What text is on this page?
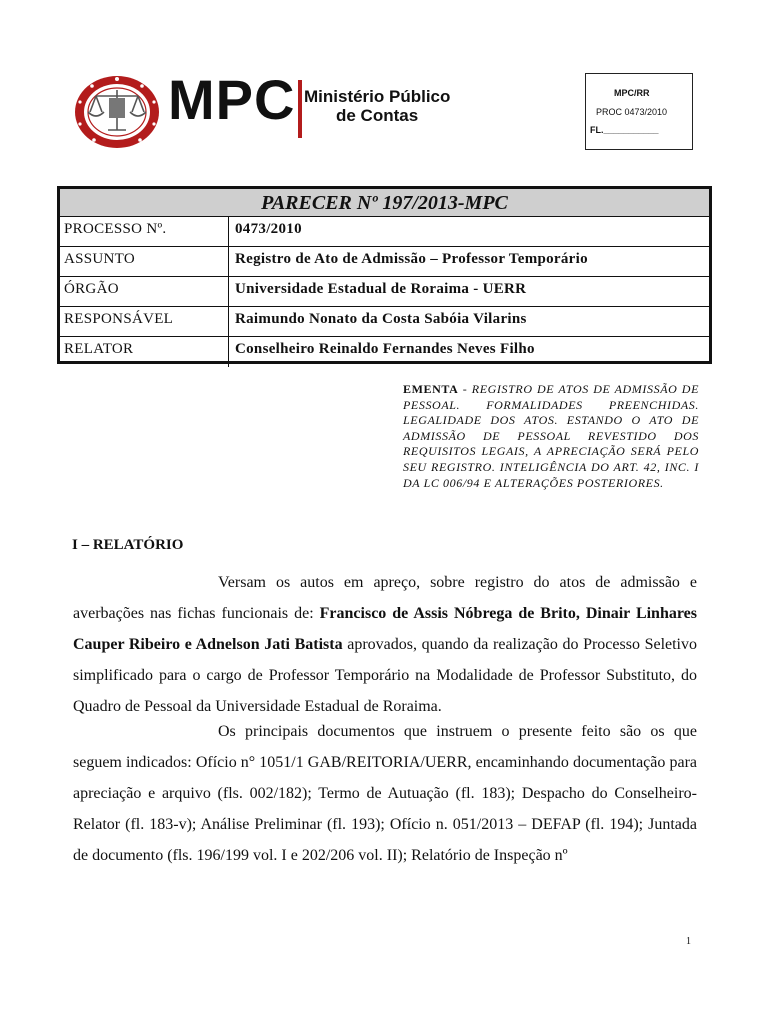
MPC Ministério Público
de Contas
MPC/RR
PROC 0473/2010
FL.___________
PARECER Nº 197/2013-MPC
PROCESSO Nº.	0473/2010
ASSUNTO	Registro de Ato de Admissão – Professor Temporário
ÓRGÃO	Universidade Estadual de Roraima - UERR
RESPONSÁVEL	Raimundo Nonato da Costa Sabóia Vilarins
RELATOR	Conselheiro Reinaldo Fernandes Neves Filho
EMENTA - REGISTRO DE ATOS DE ADMISSÃO DE PESSOAL. FORMALIDADES PREENCHIDAS. LEGALIDADE DOS ATOS. ESTANDO O ATO DE ADMISSÃO DE PESSOAL REVESTIDO DOS REQUISITOS LEGAIS, A APRECIAÇÃO SERÁ PELO SEU REGISTRO. INTELIGÊNCIA DO ART. 42, INC. I DA LC 006/94 E ALTERAÇÕES POSTERIORES.
I – RELATÓRIO
Versam os autos em apreço, sobre registro do atos de admissão e averbações nas fichas funcionais de: Francisco de Assis Nóbrega de Brito, Dinair Linhares Cauper Ribeiro e Adnelson Jati Batista aprovados, quando da realização do Processo Seletivo simplificado para o cargo de Professor Temporário na Modalidade de Professor Substituto, do Quadro de Pessoal da Universidade Estadual de Roraima.
Os principais documentos que instruem o presente feito são os que seguem indicados: Ofício n° 1051/1 GAB/REITORIA/UERR, encaminhando documentação para apreciação e arquivo (fls. 002/182); Termo de Autuação (fl. 183); Despacho do Conselheiro-Relator (fl. 183-v); Análise Preliminar (fl. 193); Ofício n. 051/2013 – DEFAP (fl. 194); Juntada de documento (fls. 196/199 vol. I e 202/206 vol. II); Relatório de Inspeção nº
1
